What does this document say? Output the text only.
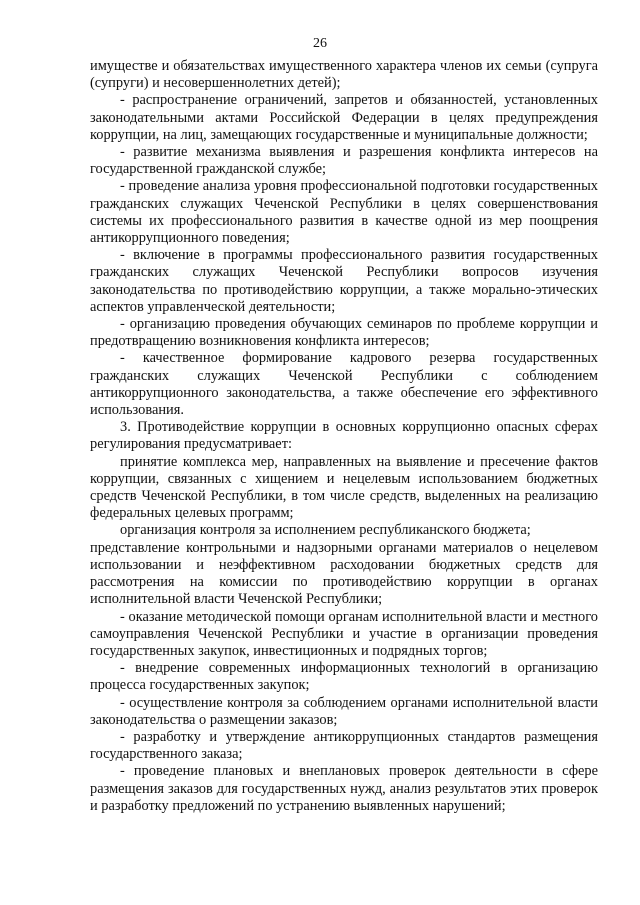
26

имуществе и обязательствах имущественного характера членов их семьи (супруга (супруги) и несовершеннолетних детей);

- распространение ограничений, запретов и обязанностей, установленных законодательными актами Российской Федерации в целях предупреждения коррупции, на лиц, замещающих государственные и муниципальные должности;

- развитие механизма выявления и разрешения конфликта интересов на государственной гражданской службе;

- проведение анализа уровня профессиональной подготовки государственных гражданских служащих Чеченской Республики в целях совершенствования системы их профессионального развития в качестве одной из мер поощрения антикоррупционного поведения;

- включение в программы профессионального развития государственных гражданских служащих Чеченской Республики вопросов изучения законодательства по противодействию коррупции, а также морально-этических аспектов управленческой деятельности;

- организацию проведения обучающих семинаров по проблеме коррупции и предотвращению возникновения конфликта интересов;

- качественное формирование кадрового резерва государственных гражданских служащих Чеченской Республики с соблюдением антикоррупционного законодательства, а также обеспечение его эффективного использования.

3. Противодействие коррупции в основных коррупционно опасных сферах регулирования предусматривает:

принятие комплекса мер, направленных на выявление и пресечение фактов коррупции, связанных с хищением и нецелевым использованием бюджетных средств Чеченской Республики, в том числе средств, выделенных на реализацию федеральных целевых программ;

организация контроля за исполнением республиканского бюджета;

представление контрольными и надзорными органами материалов о нецелевом использовании и неэффективном расходовании бюджетных средств для рассмотрения на комиссии по противодействию коррупции в органах исполнительной власти Чеченской Республики;

- оказание методической помощи органам исполнительной власти и местного самоуправления Чеченской Республики и участие в организации проведения государственных закупок, инвестиционных и подрядных торгов;

- внедрение современных информационных технологий в организацию процесса государственных закупок;

- осуществление контроля за соблюдением органами исполнительной власти законодательства о размещении заказов;

- разработку и утверждение антикоррупционных стандартов размещения государственного заказа;

- проведение плановых и внеплановых проверок деятельности в сфере размещения заказов для государственных нужд, анализ результатов этих проверок и разработку предложений по устранению выявленных нарушений;
